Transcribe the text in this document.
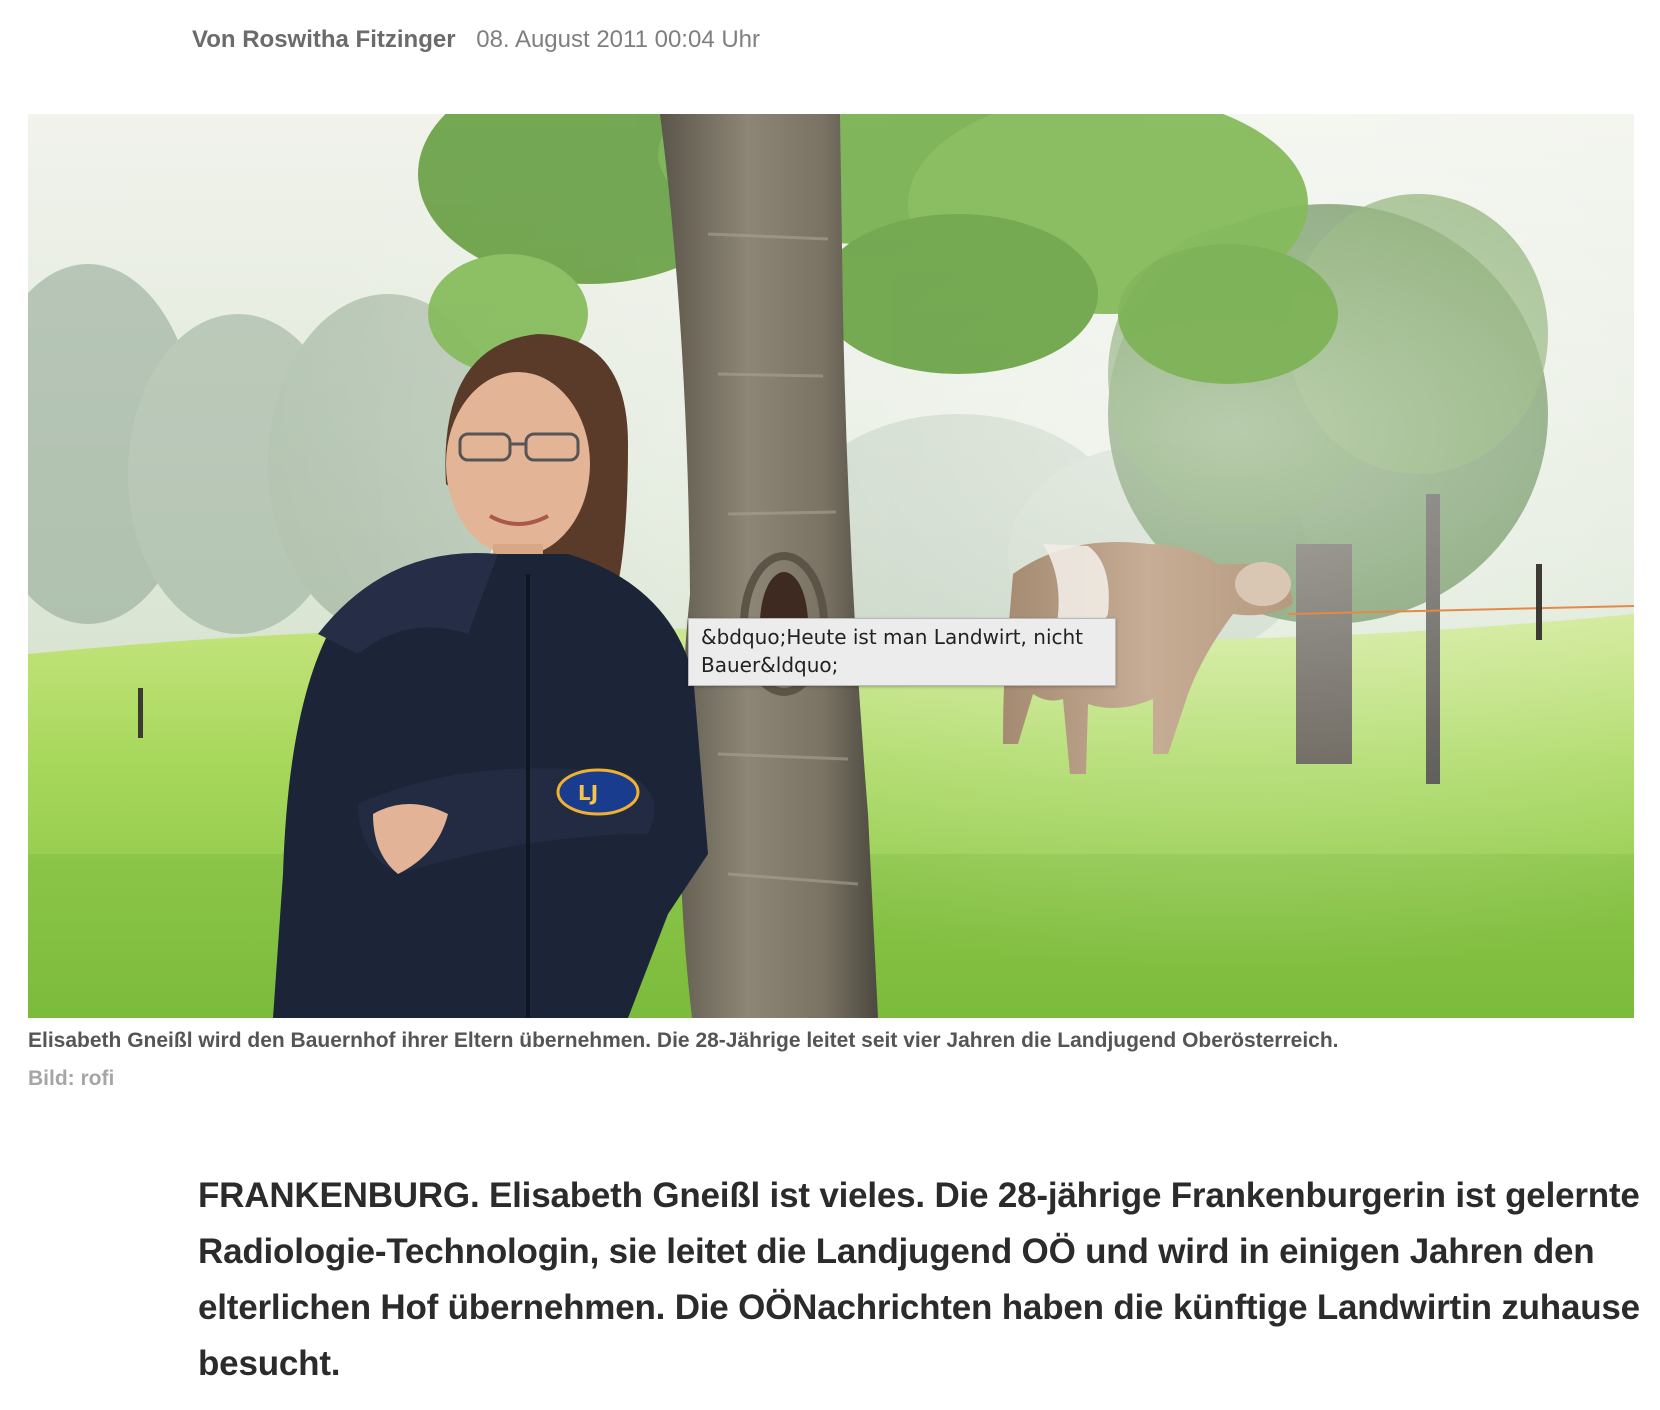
Von Roswitha Fitzinger 08. August 2011 00:04 Uhr
LJ
&bdquo;Heute ist man Landwirt, nicht Bauer&ldquo;
Elisabeth Gneißl wird den Bauernhof ihrer Eltern übernehmen. Die 28-Jährige leitet seit vier Jahren die Landjugend Oberösterreich.
Bild: rofi
FRANKENBURG. Elisabeth Gneißl ist vieles. Die 28-jährige Frankenburgerin ist gelernte Radiologie-Technologin, sie leitet die Landjugend OÖ und wird in einigen Jahren den elterlichen Hof übernehmen. Die OÖNachrichten haben die künftige Landwirtin zuhause besucht.
